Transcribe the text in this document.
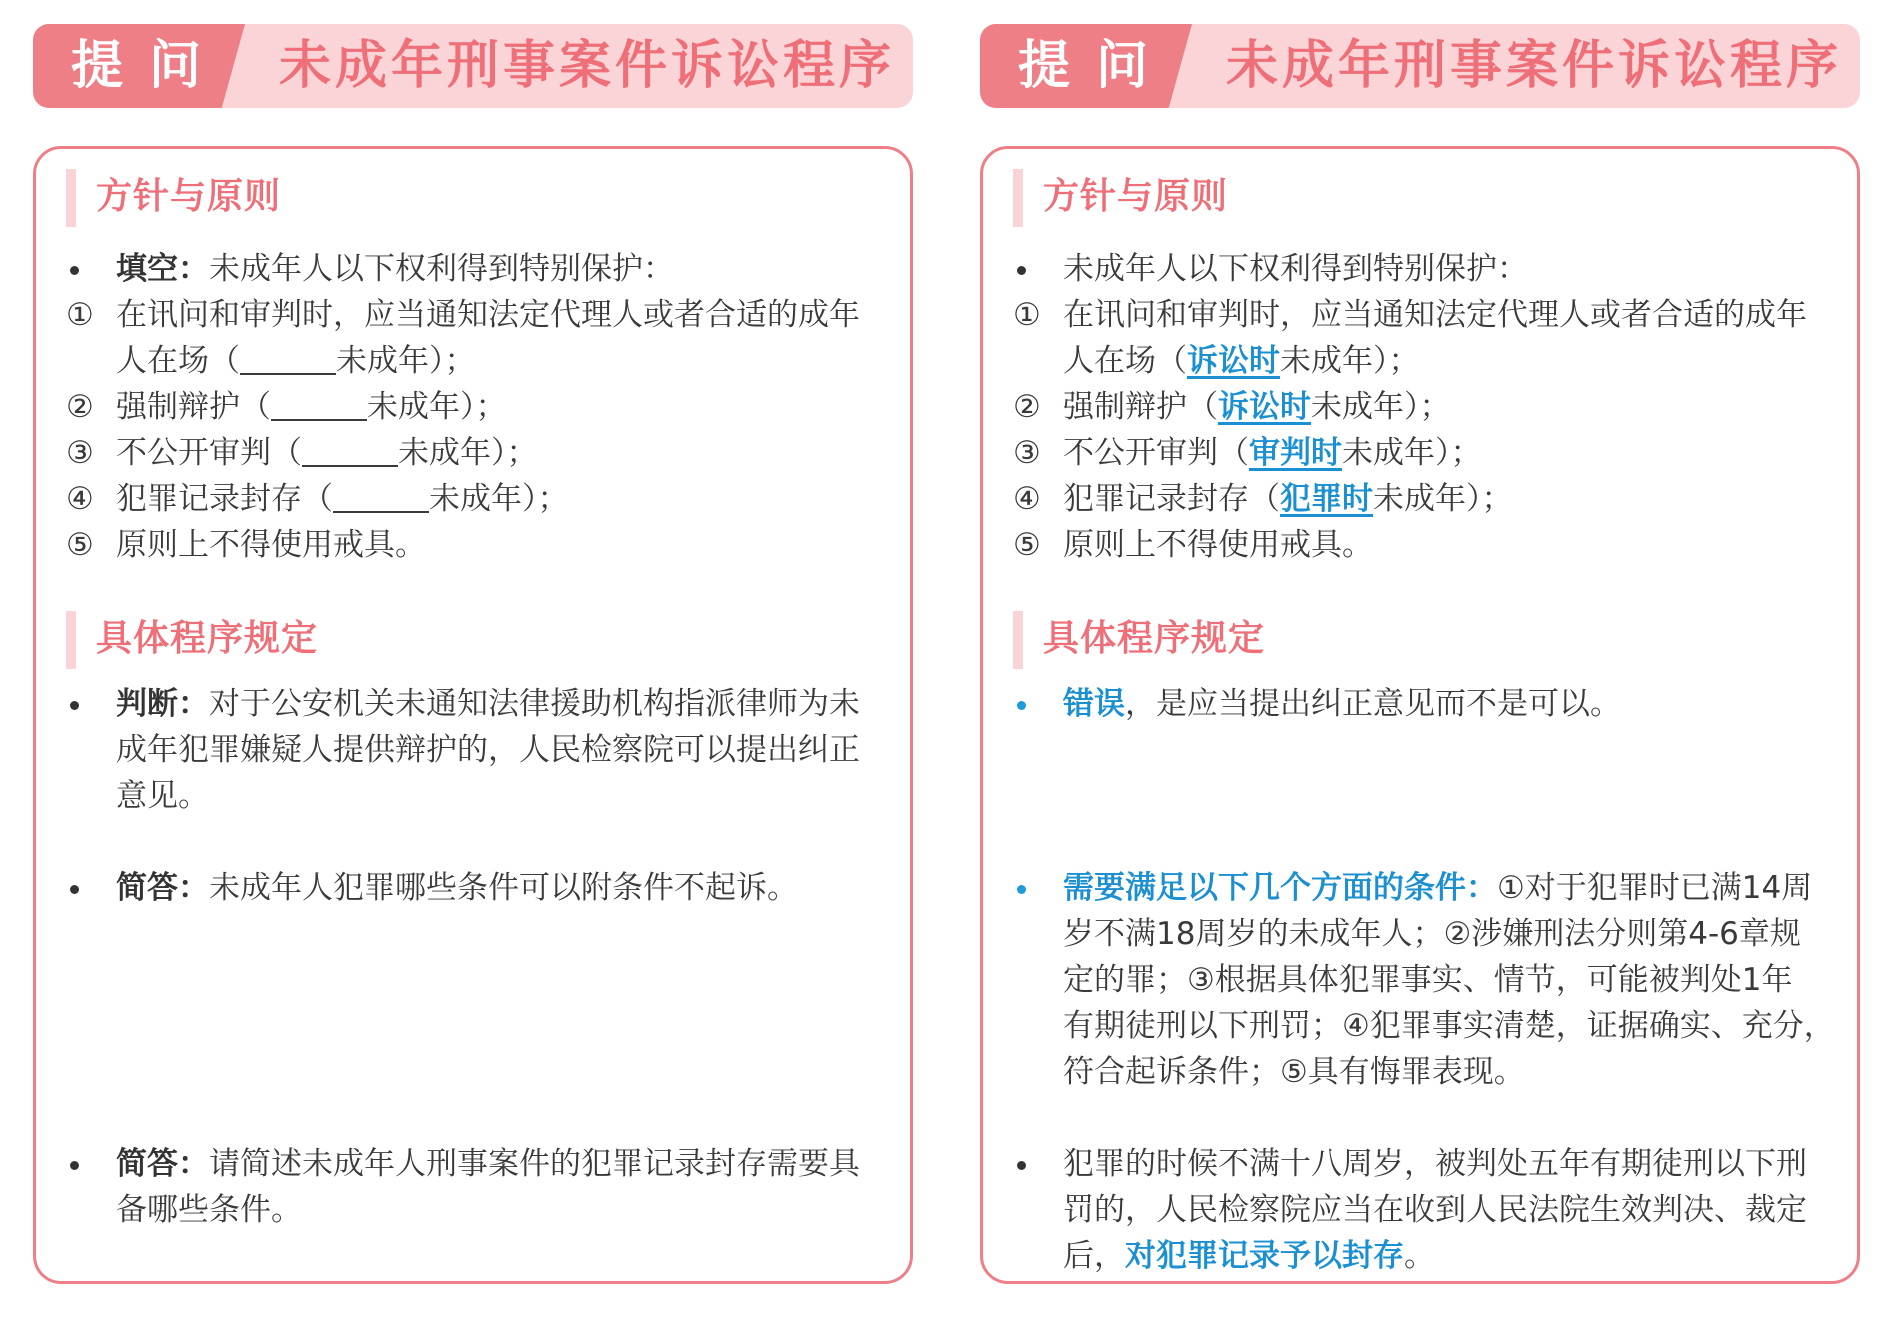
提问 未成年刑事案件诉讼程序
方针与原则
填空：未成年人以下权利得到特别保护：
① 在讯问和审判时，应当通知法定代理人或者合适的成年
人在场（	未成年）；
② 强制辩护（	未成年）；
③ 不公开审判（	未成年）；
④ 犯罪记录封存（	未成年）；
⑤ 原则上不得使用戒具。
具体程序规定
判断：对于公安机关未通知法律援助机构指派律师为未
成年犯罪嫌疑人提供辩护的，人民检察院可以提出纠正
意见。
简答：未成年人犯罪哪些条件可以附条件不起诉。
简答：请简述未成年人刑事案件的犯罪记录封存需要具
备哪些条件。
提问 未成年刑事案件诉讼程序
方针与原则
未成年人以下权利得到特别保护：
① 在讯问和审判时，应当通知法定代理人或者合适的成年
人在场（诉讼时未成年）；
② 强制辩护（诉讼时未成年）；
③ 不公开审判（审判时未成年）；
④ 犯罪记录封存（犯罪时未成年）；
⑤ 原则上不得使用戒具。
具体程序规定
错误，是应当提出纠正意见而不是可以。
需要满足以下几个方面的条件：①对于犯罪时已满14周
岁不满18周岁的未成年人；②涉嫌刑法分则第4-6章规
定的罪；③根据具体犯罪事实、情节，可能被判处1年
有期徒刑以下刑罚；④犯罪事实清楚，证据确实、充分，
符合起诉条件；⑤具有悔罪表现。
犯罪的时候不满十八周岁，被判处五年有期徒刑以下刑
罚的，人民检察院应当在收到人民法院生效判决、裁定
后，对犯罪记录予以封存。
